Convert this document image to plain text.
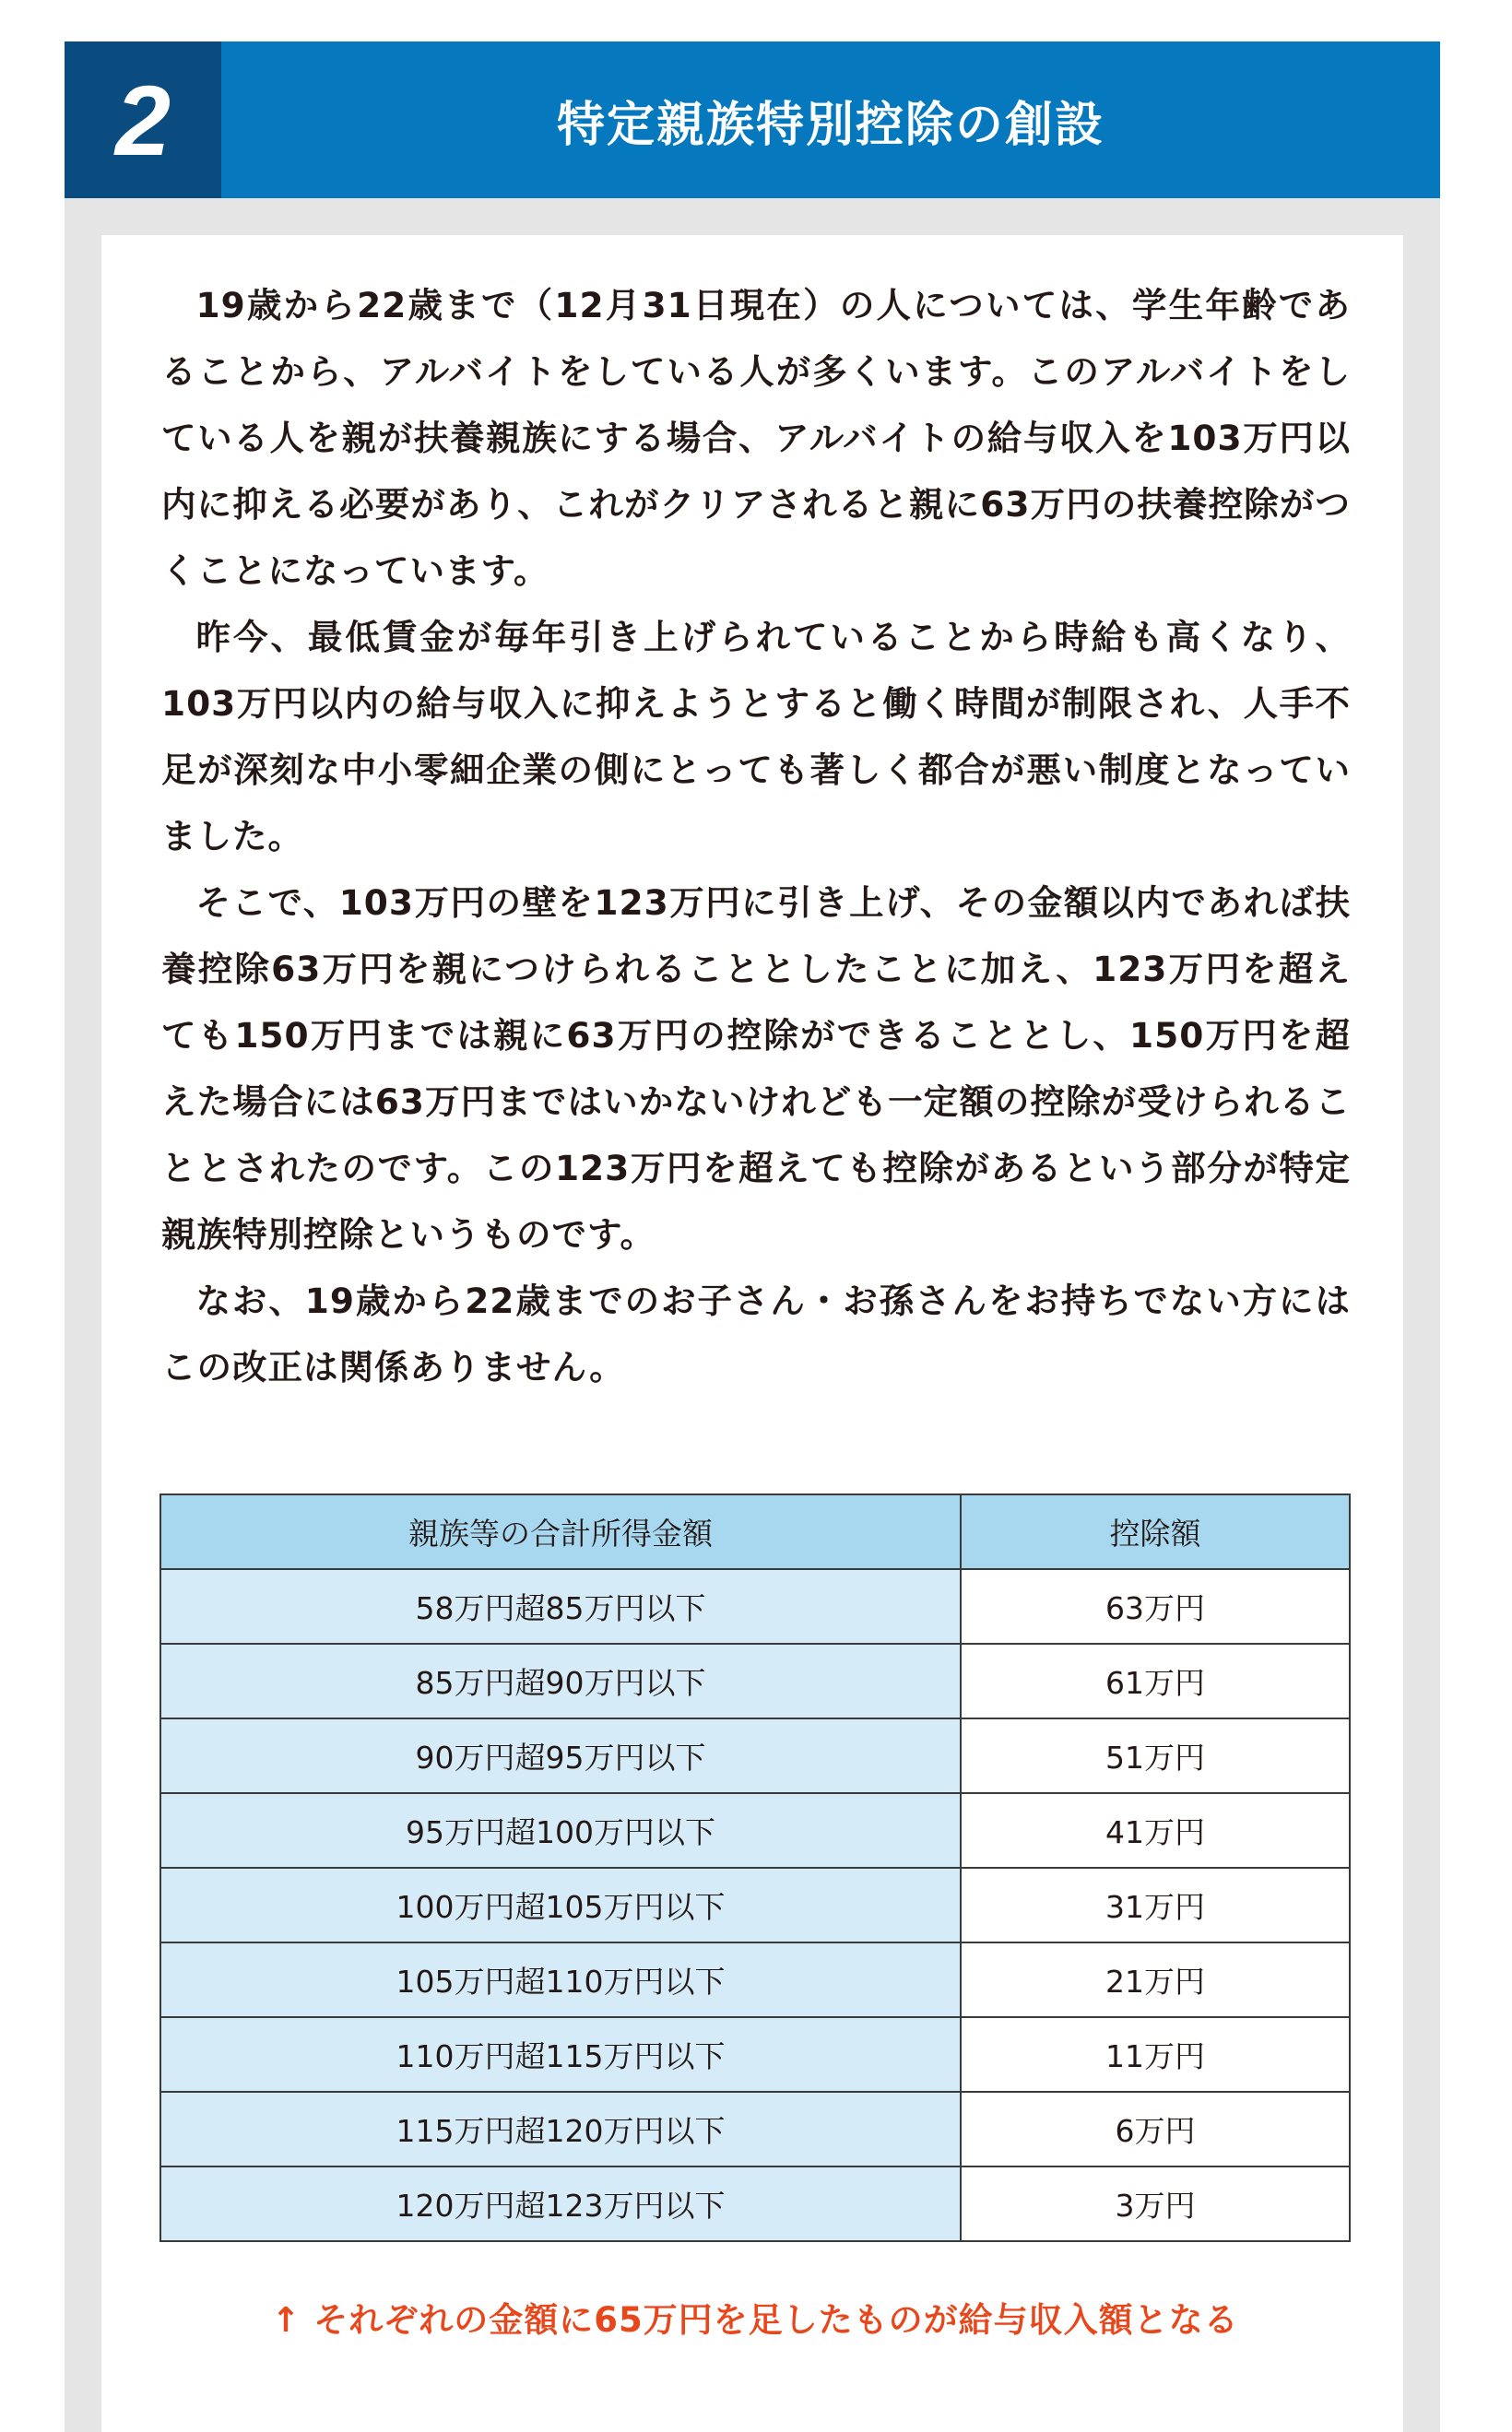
2	特定親族特別控除の創設

19歳から22歳まで（12月31日現在）の人については、学生年齢であることから、アルバイトをしている人が多くいます。このアルバイトをしている人を親が扶養親族にする場合、アルバイトの給与収入を103万円以内に抑える必要があり、これがクリアされると親に63万円の扶養控除がつくことになっています。

昨今、最低賃金が毎年引き上げられていることから時給も高くなり、103万円以内の給与収入に抑えようとすると働く時間が制限され、人手不足が深刻な中小零細企業の側にとっても著しく都合が悪い制度となっていました。

そこで、103万円の壁を123万円に引き上げ、その金額以内であれば扶養控除63万円を親につけられることとしたことに加え、123万円を超えても150万円までは親に63万円の控除ができることとし、150万円を超えた場合には63万円まではいかないけれども一定額の控除が受けられることとされたのです。この123万円を超えても控除があるという部分が特定親族特別控除というものです。

なお、19歳から22歳までのお子さん・お孫さんをお持ちでない方にはこの改正は関係ありません。

親族等の合計所得金額	控除額
58万円超85万円以下	63万円
85万円超90万円以下	61万円
90万円超95万円以下	51万円
95万円超100万円以下	41万円
100万円超105万円以下	31万円
105万円超110万円以下	21万円
110万円超115万円以下	11万円
115万円超120万円以下	6万円
120万円超123万円以下	3万円
↑ それぞれの金額に65万円を足したものが給与収入額となる
